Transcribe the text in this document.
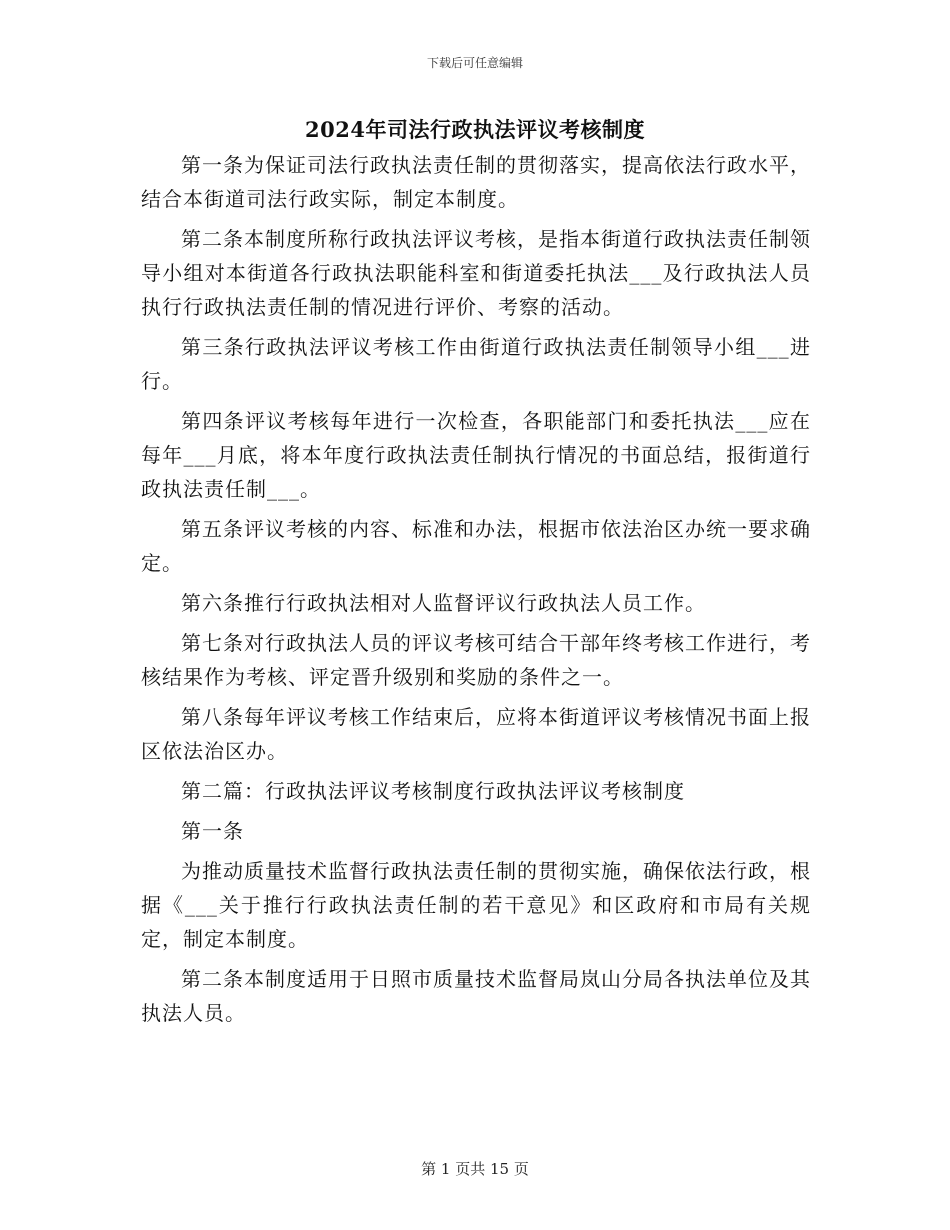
下载后可任意编辑
2024年司法行政执法评议考核制度

第一条为保证司法行政执法责任制的贯彻落实，提高依法行政水平，结合本街道司法行政实际，制定本制度。

第二条本制度所称行政执法评议考核，是指本街道行政执法责任制领导小组对本街道各行政执法职能科室和街道委托执法___及行政执法人员执行行政执法责任制的情况进行评价、考察的活动。

第三条行政执法评议考核工作由街道行政执法责任制领导小组___进行。

第四条评议考核每年进行一次检查，各职能部门和委托执法___应在每年___月底，将本年度行政执法责任制执行情况的书面总结，报街道行政执法责任制___。

第五条评议考核的内容、标准和办法，根据市依法治区办统一要求确定。

第六条推行行政执法相对人监督评议行政执法人员工作。

第七条对行政执法人员的评议考核可结合干部年终考核工作进行，考核结果作为考核、评定晋升级别和奖励的条件之一。

第八条每年评议考核工作结束后，应将本街道评议考核情况书面上报区依法治区办。

第二篇：行政执法评议考核制度行政执法评议考核制度

第一条

为推动质量技术监督行政执法责任制的贯彻实施，确保依法行政，根据《___关于推行行政执法责任制的若干意见》和区政府和市局有关规定，制定本制度。

第二条本制度适用于日照市质量技术监督局岚山分局各执法单位及其执法人员。

第 1 页共 15 页
